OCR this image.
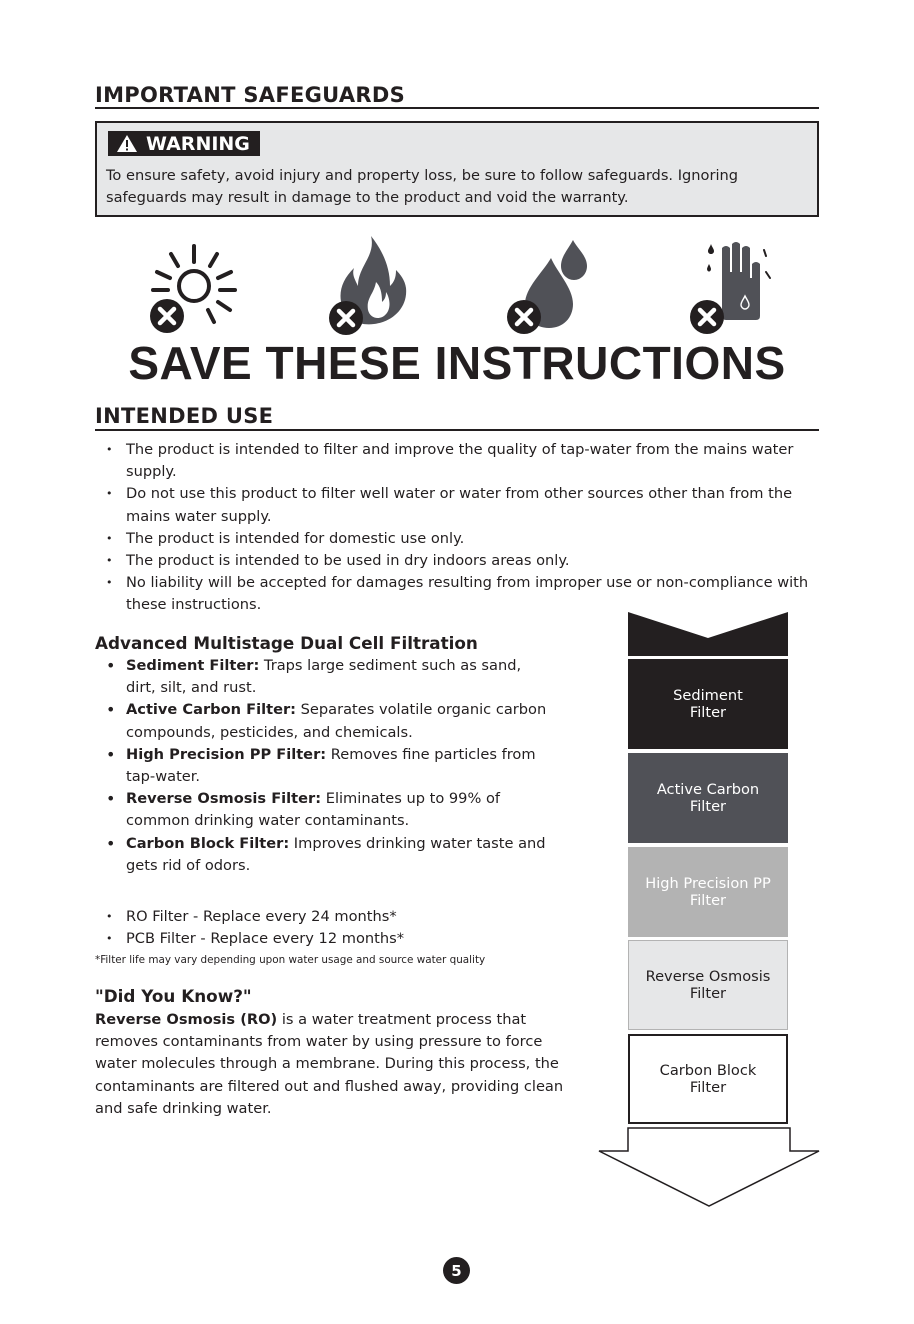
IMPORTANT SAFEGUARDS
WARNING

To ensure safety, avoid injury and property loss, be sure to follow safeguards. Ignoring safeguards may result in damage to the product and void the warranty.

SAVE THESE INSTRUCTIONS
INTENDED USE
• The product is intended to filter and improve the quality of tap-water from the mains water supply.
• Do not use this product to filter well water or water from other sources other than from the mains water supply.
• The product is intended for domestic use only.
• The product is intended to be used in dry indoors areas only.
• No liability will be accepted for damages resulting from improper use or non-compliance with these instructions.
Advanced Multistage Dual Cell Filtration
• Sediment Filter: Traps large sediment such as sand, dirt, silt, and rust.
• Active Carbon Filter: Separates volatile organic carbon compounds, pesticides, and chemicals.
• High Precision PP Filter: Removes fine particles from tap-water.
• Reverse Osmosis Filter: Eliminates up to 99% of common drinking water contaminants.
• Carbon Block Filter: Improves drinking water taste and gets rid of odors.
• RO Filter - Replace every 24 months*
• PCB Filter - Replace every 12 months*

*Filter life may vary depending upon water usage and source water quality

"Did You Know?"

Reverse Osmosis (RO) is a water treatment process that removes contaminants from water by using pressure to force water molecules through a membrane. During this process, the contaminants are filtered out and flushed away, providing clean and safe drinking water.

Sediment
Filter
Active Carbon
Filter
High Precision PP
Filter
Reverse Osmosis
Filter
Carbon Block
Filter
5
